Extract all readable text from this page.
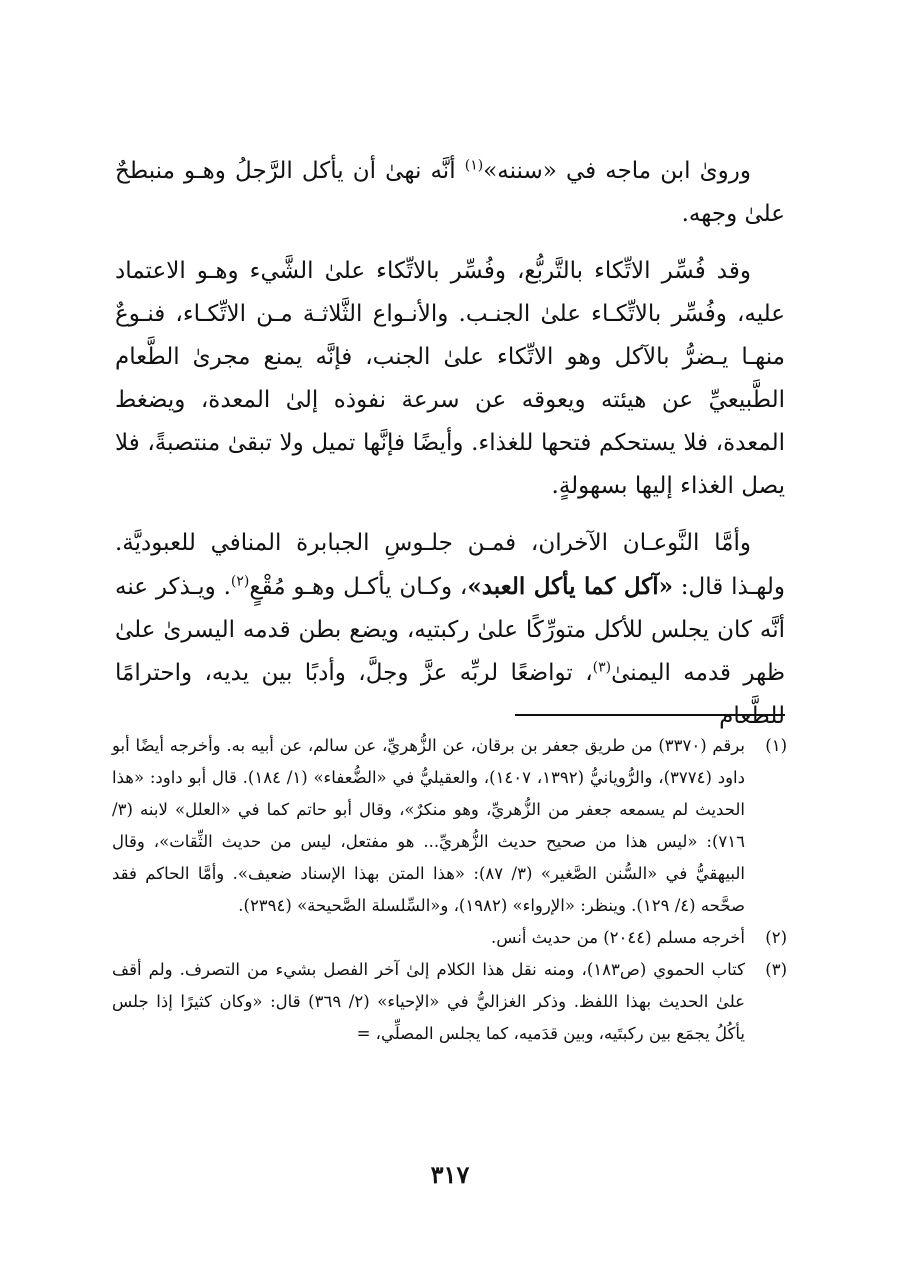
وروىٰ ابن ماجه في «سننه»$^{(١)}$ أنَّه نهىٰ أن يأكل الرَّجلُ وهـو منبطحٌ علىٰ وجهه.

وقد فُسِّر الاتِّكاء بالتَّربُّع، وفُسِّر بالاتِّكاء علىٰ الشَّيء وهـو الاعتماد عليه، وفُسِّر بالاتِّكـاء علىٰ الجنـب. والأنـواع الثَّلاثـة مـن الاتِّكـاء، فنـوعٌ منهـا يـضرُّ بالآكل وهو الاتِّكاء علىٰ الجنب، فإنَّه يمنع مجرىٰ الطَّعام الطَّبيعيِّ عن هيئته ويعوقه عن سرعة نفوذه إلىٰ المعدة، ويضغط المعدة، فلا يستحكم فتحها للغذاء. وأيضًا فإنَّها تميل ولا تبقىٰ منتصبةً، فلا يصل الغذاء إليها بسهولةٍ.

وأمَّا النَّوعـان الآخران، فمـن جلـوسِ الجبابرة المنافي للعبوديَّة. ولهـذا قال: «آكل كما يأكل العبد»، وكـان يأكـل وهـو مُقْعٍ$^{(٢)}$. ويـذكر عنه أنَّه كان يجلس للأكل متورِّكًا علىٰ ركبتيه، ويضع بطن قدمه اليسرىٰ علىٰ ظهر قدمه اليمنىٰ$^{(٣)}$، تواضعًا لربِّه عزَّ وجلَّ، وأدبًا بين يديه، واحترامًا للطَّعام

(١)
برقم (٣٣٧٠) من طريق جعفر بن برقان، عن الزُّهريِّ، عن سالم، عن أبيه به. وأخرجه أيضًا أبو داود (٣٧٧٤)، والرُّويانيُّ (١٣٩٢، ١٤٠٧)، والعقيليُّ في «الضُّعفاء» (١/ ١٨٤). قال أبو داود: «هذا الحديث لم يسمعه جعفر من الزُّهريِّ، وهو منكرٌ»، وقال أبو حاتم كما في «العلل» لابنه (٣/ ٧١٦): «ليس هذا من صحيح حديث الزُّهريِّ... هو مفتعل، ليس من حديث الثِّقات»، وقال البيهقيُّ في «السُّنن الصَّغير» (٣/ ٨٧): «هذا المتن بهذا الإسناد ضعيف». وأمَّا الحاكم فقد صحَّحه (٤/ ١٢٩). وينظر: «الإرواء» (١٩٨٢)، و«السِّلسلة الصَّحيحة» (٢٣٩٤).
(٢)
أخرجه مسلم (٢٠٤٤) من حديث أنس.
(٣)
كتاب الحموي (ص١٨٣)، ومنه نقل هذا الكلام إلىٰ آخر الفصل بشيء من التصرف. ولم أقف علىٰ الحديث بهذا اللفظ. وذكر الغزاليُّ في «الإحياء» (٢/ ٣٦٩) قال: «وكان كثيرًا إذا جلس يأكُلُ يجمَع بين ركبتَيه، وبين قدَميه، كما يجلس المصلِّي، =
٣١٧
